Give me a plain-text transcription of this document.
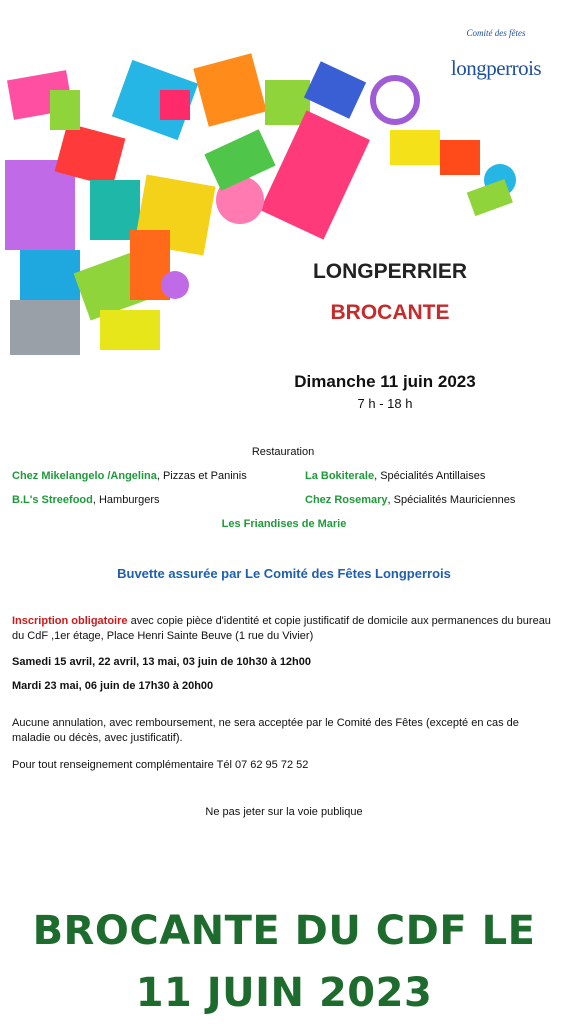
Comité des fêtes
longperrois
LONGPERRIER
BROCANTE
Dimanche 11 juin 2023
7 h - 18 h
Restauration
Chez Mikelangelo /Angelina, Pizzas et Paninis	La Bokiterale, Spécialités Antillaises
B.L's Streefood, Hamburgers	Chez Rosemary, Spécialités Mauriciennes
Les Friandises de Marie
Buvette assurée par Le Comité des Fêtes Longperrois
Inscription obligatoire avec copie pièce d'identité et copie justificatif de domicile aux permanences du bureau du CdF ,1er étage, Place Henri Sainte Beuve (1 rue du Vivier)
Samedi 15 avril, 22 avril, 13 mai, 03 juin de 10h30 à 12h00
Mardi 23 mai, 06 juin de 17h30 à 20h00
Aucune annulation, avec remboursement, ne sera acceptée par le Comité des Fêtes (excepté en cas de maladie ou décès, avec justificatif).
Pour tout renseignement complémentaire Tél 07 62 95 72 52
Ne pas jeter sur la voie publique
BROCANTE DU CDF LE 11 JUIN 2023
